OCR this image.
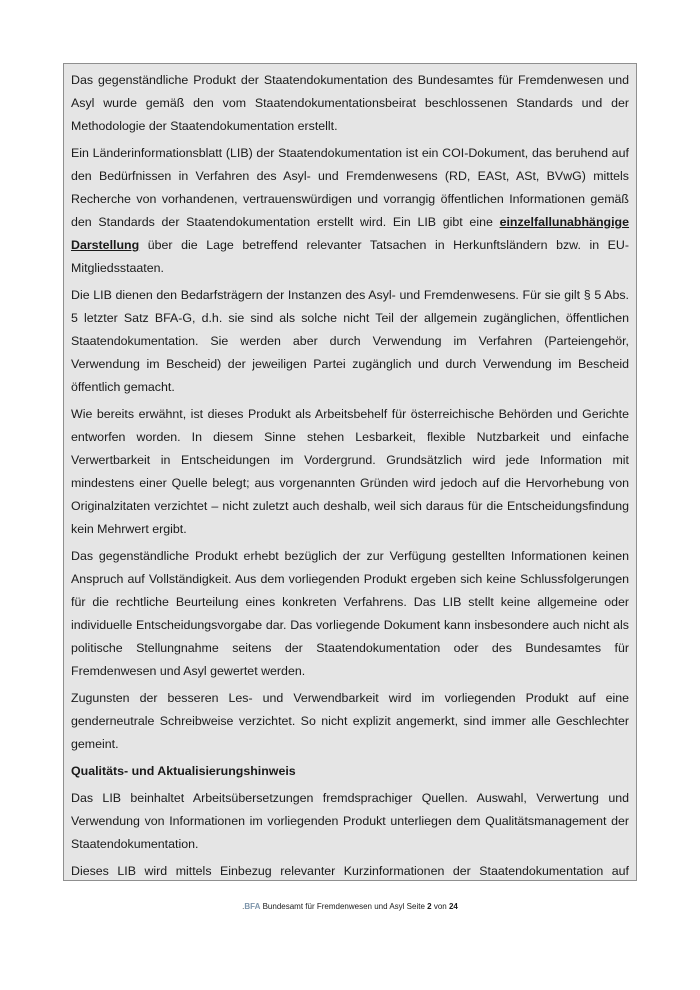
Das gegenständliche Produkt der Staatendokumentation des Bundesamtes für Fremdenwesen und Asyl wurde gemäß den vom Staatendokumentationsbeirat beschlossenen Standards und der Methodologie der Staatendokumentation erstellt.

Ein Länderinformationsblatt (LIB) der Staatendokumentation ist ein COI-Dokument, das beruhend auf den Bedürfnissen in Verfahren des Asyl- und Fremdenwesens (RD, EASt, ASt, BVwG) mittels Recherche von vorhandenen, vertrauenswürdigen und vorrangig öffentlichen Informationen gemäß den Standards der Staatendokumentation erstellt wird. Ein LIB gibt eine einzelfallunabhängige Darstellung über die Lage betreffend relevanter Tatsachen in Herkunftsländern bzw. in EU-Mitgliedsstaaten.

Die LIB dienen den Bedarfsträgern der Instanzen des Asyl- und Fremdenwesens. Für sie gilt § 5 Abs. 5 letzter Satz BFA-G, d.h. sie sind als solche nicht Teil der allgemein zugänglichen, öffentlichen Staatendokumentation. Sie werden aber durch Verwendung im Verfahren (Parteiengehör, Verwendung im Bescheid) der jeweiligen Partei zugänglich und durch Verwendung im Bescheid öffentlich gemacht.

Wie bereits erwähnt, ist dieses Produkt als Arbeitsbehelf für österreichische Behörden und Gerichte entworfen worden. In diesem Sinne stehen Lesbarkeit, flexible Nutzbarkeit und einfache Verwertbarkeit in Entscheidungen im Vordergrund. Grundsätzlich wird jede Information mit mindestens einer Quelle belegt; aus vorgenannten Gründen wird jedoch auf die Hervorhebung von Originalzitaten verzichtet – nicht zuletzt auch deshalb, weil sich daraus für die Entscheidungsfindung kein Mehrwert ergibt.

Das gegenständliche Produkt erhebt bezüglich der zur Verfügung gestellten Informationen keinen Anspruch auf Vollständigkeit. Aus dem vorliegenden Produkt ergeben sich keine Schlussfolgerungen für die rechtliche Beurteilung eines konkreten Verfahrens. Das LIB stellt keine allgemeine oder individuelle Entscheidungsvorgabe dar. Das vorliegende Dokument kann insbesondere auch nicht als politische Stellungnahme seitens der Staatendokumentation oder des Bundesamtes für Fremdenwesen und Asyl gewertet werden.

Zugunsten der besseren Les- und Verwendbarkeit wird im vorliegenden Produkt auf eine genderneutrale Schreibweise verzichtet. So nicht explizit angemerkt, sind immer alle Geschlechter gemeint.

Qualitäts- und Aktualisierungshinweis

Das LIB beinhaltet Arbeitsübersetzungen fremdsprachiger Quellen. Auswahl, Verwertung und Verwendung von Informationen im vorliegenden Produkt unterliegen dem Qualitätsmanagement der Staatendokumentation.

Dieses LIB wird mittels Einbezug relevanter Kurzinformationen der Staatendokumentation auf

.BFA Bundesamt für Fremdenwesen und Asyl Seite 2 von 24
